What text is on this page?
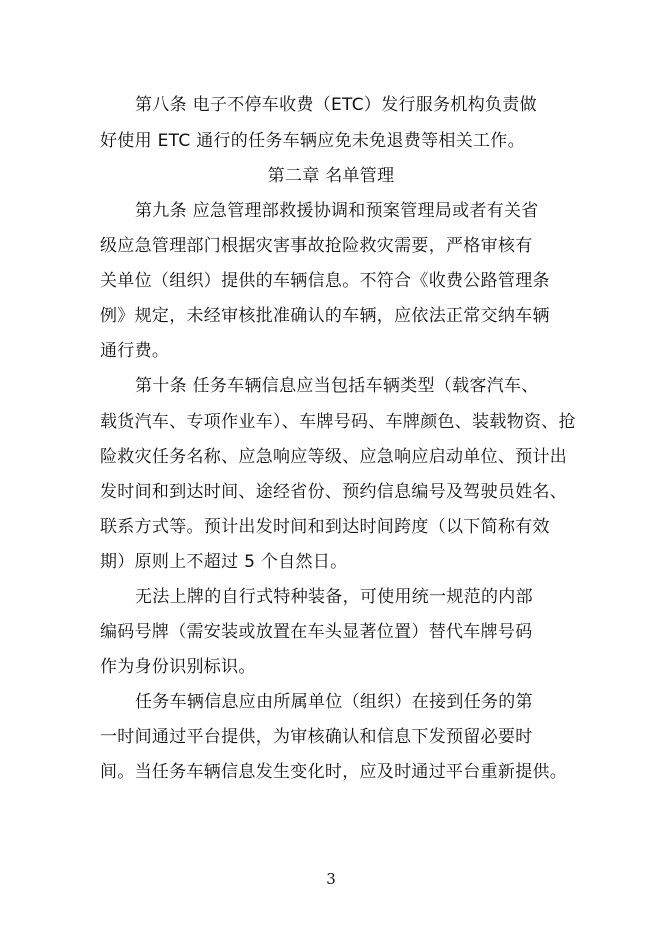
第八条 电子不停车收费（ETC）发行服务机构负责做
好使用 ETC 通行的任务车辆应免未免退费等相关工作。
第二章 名单管理
第九条 应急管理部救援协调和预案管理局或者有关省
级应急管理部门根据灾害事故抢险救灾需要，严格审核有
关单位（组织）提供的车辆信息。不符合《收费公路管理条
例》规定，未经审核批准确认的车辆，应依法正常交纳车辆
通行费。
第十条 任务车辆信息应当包括车辆类型（载客汽车、
载货汽车、专项作业车）、车牌号码、车牌颜色、装载物资、抢
险救灾任务名称、应急响应等级、应急响应启动单位、预计出
发时间和到达时间、途经省份、预约信息编号及驾驶员姓名、
联系方式等。预计出发时间和到达时间跨度（以下简称有效
期）原则上不超过 5 个自然日。
无法上牌的自行式特种装备，可使用统一规范的内部
编码号牌（需安装或放置在车头显著位置）替代车牌号码
作为身份识别标识。
任务车辆信息应由所属单位（组织）在接到任务的第
一时间通过平台提供，为审核确认和信息下发预留必要时
间。当任务车辆信息发生变化时，应及时通过平台重新提供。
3
